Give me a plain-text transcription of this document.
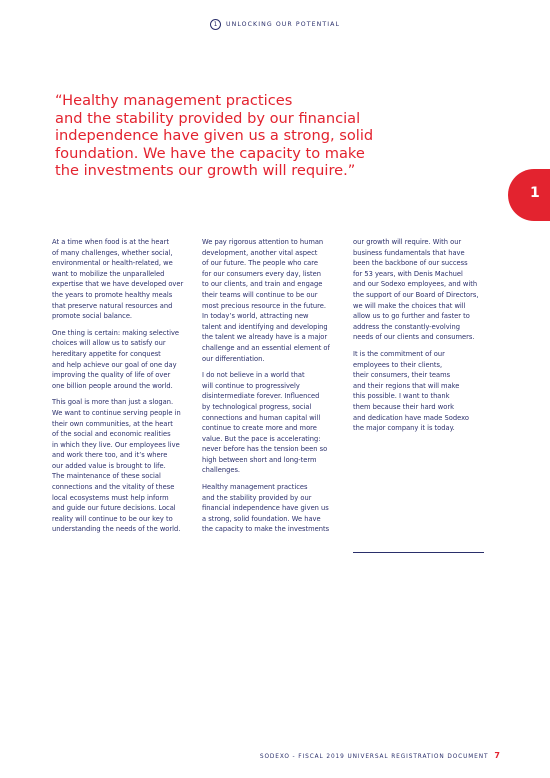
1	UNLOCKING OUR POTENTIAL
“Healthy management practices
and the stability provided by our financial
independence have given us a strong, solid
foundation. We have the capacity to make
the investments our growth will require.”
1

At a time when food is at the heart
of many challenges, whether social,
environmental or health-related, we
want to mobilize the unparalleled
expertise that we have developed over
the years to promote healthy meals
that preserve natural resources and
promote social balance.

One thing is certain: making selective
choices will allow us to satisfy our
hereditary appetite for conquest
and help achieve our goal of one day
improving the quality of life of over
one billion people around the world.

This goal is more than just a slogan.
We want to continue serving people in
their own communities, at the heart
of the social and economic realities
in which they live. Our employees live
and work there too, and it’s where
our added value is brought to life.
The maintenance of these social
connections and the vitality of these
local ecosystems must help inform
and guide our future decisions. Local
reality will continue to be our key to
understanding the needs of the world.

We pay rigorous attention to human
development, another vital aspect
of our future. The people who care
for our consumers every day, listen
to our clients, and train and engage
their teams will continue to be our
most precious resource in the future.
In today’s world, attracting new
talent and identifying and developing
the talent we already have is a major
challenge and an essential element of
our differentiation.

I do not believe in a world that
will continue to progressively
disintermediate forever. Influenced
by technological progress, social
connections and human capital will
continue to create more and more
value. But the pace is accelerating:
never before has the tension been so
high between short and long-term
challenges.

Healthy management practices
and the stability provided by our
financial independence have given us
a strong, solid foundation. We have
the capacity to make the investments

our growth will require. With our
business fundamentals that have
been the backbone of our success
for 53 years, with Denis Machuel
and our Sodexo employees, and with
the support of our Board of Directors,
we will make the choices that will
allow us to go further and faster to
address the constantly-evolving
needs of our clients and consumers.

It is the commitment of our
employees to their clients,
their consumers, their teams
and their regions that will make
this possible. I want to thank
them because their hard work
and dedication have made Sodexo
the major company it is today.

SODEXO - FISCAL 2019 UNIVERSAL REGISTRATION DOCUMENT 7
